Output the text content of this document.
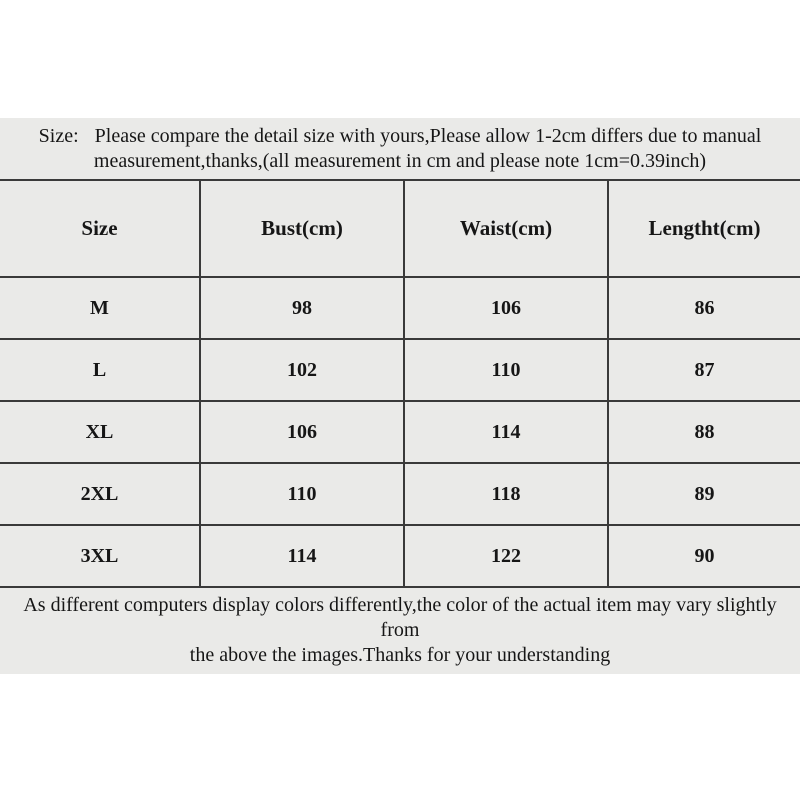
Size: Please compare the detail size with yours,Please allow 1-2cm differs due to manual
measurement,thanks,(all measurement in cm and please note 1cm=0.39inch)
Size	Bust(cm)	Waist(cm)	Lengtht(cm)
M	98	106	86
L	102	110	87
XL	106	114	88
2XL	110	118	89
3XL	114	122	90
As different computers display colors differently,the color of the actual item may vary slightly from
the above the images.Thanks for your understanding
